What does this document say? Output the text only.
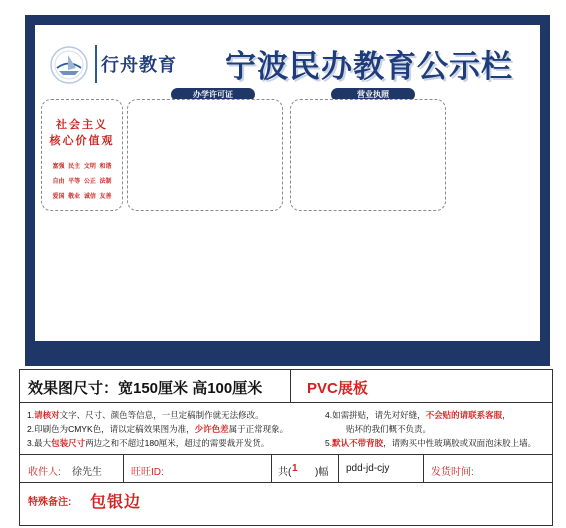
行舟教育 宁波民办教育公示栏
办学许可证	营业执照
社会主义
核心价值观
富强 民主 文明 和谐
自由 平等 公正 法制
爱国 敬业 诚信 友善
效果图尺寸：宽150厘米 高100厘米	PVC展板
1.请核对文字、尺寸、颜色等信息，一旦定稿制作就无法修改。
2.印刷色为CMYK色，请以定稿效果图为准，少许色差属于正常现象。
3.最大包装尺寸两边之和不超过180厘米，超过的需要裁开发货。
4.如需拼贴，请先对好缝，不会贴的请联系客服，
贴坏的我们概不负责。
5.默认不带背胶，请购买中性玻璃胶或双面泡沫胶上墙。
收件人: 徐先生	旺旺ID:	共( 1 )幅 pdd-jd-cjy	发货时间:
特殊备注: 包银边
